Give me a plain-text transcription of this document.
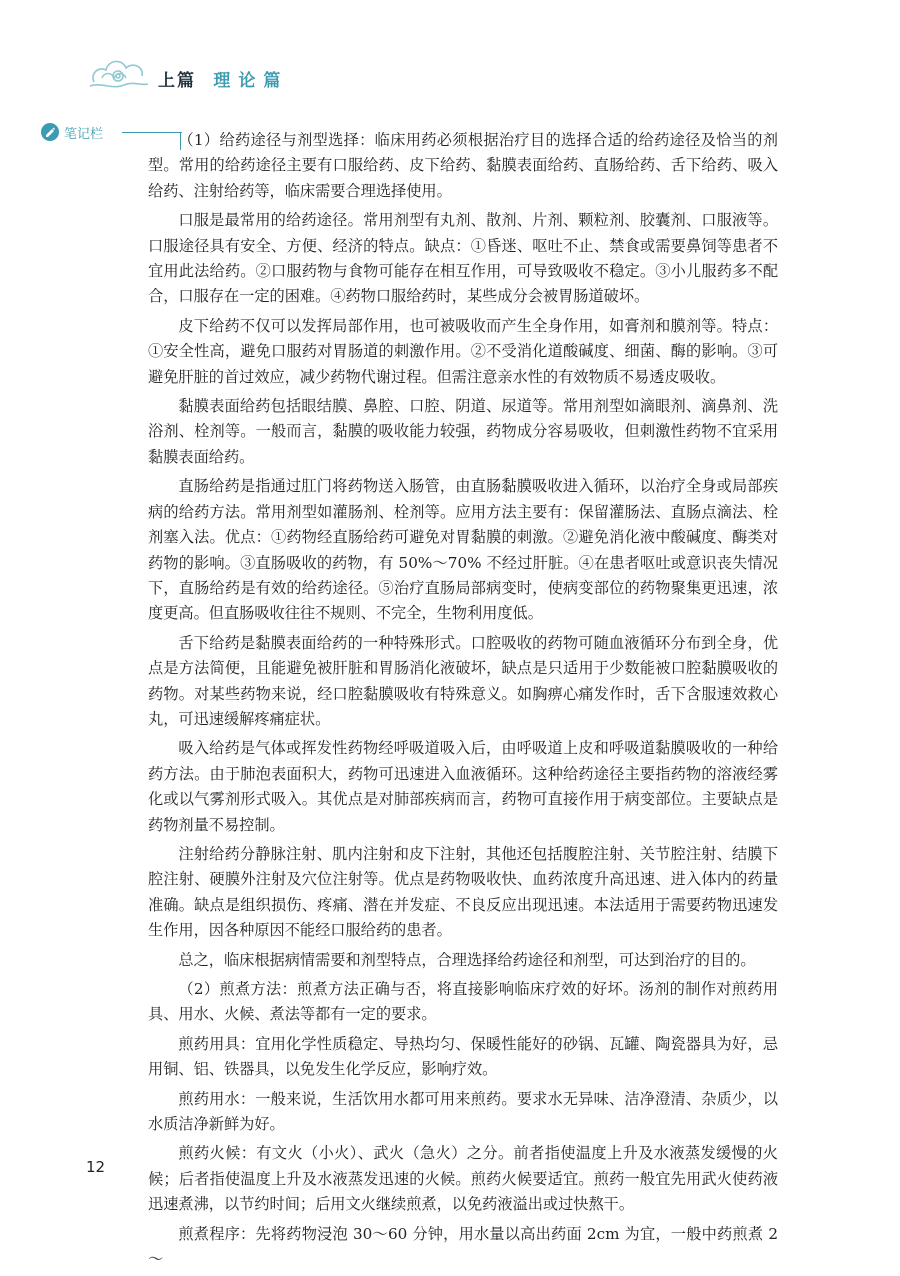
上篇 理论篇
笔记栏	（1）给药途径与剂型选择：临床用药必须根据治疗目的选择合适的给药途径及恰当的剂型。常用的给药途径主要有口服给药、皮下给药、黏膜表面给药、直肠给药、舌下给药、吸入给药、注射给药等，临床需要合理选择使用。

口服是最常用的给药途径。常用剂型有丸剂、散剂、片剂、颗粒剂、胶囊剂、口服液等。口服途径具有安全、方便、经济的特点。缺点：①昏迷、呕吐不止、禁食或需要鼻饲等患者不宜用此法给药。②口服药物与食物可能存在相互作用，可导致吸收不稳定。③小儿服药多不配合，口服存在一定的困难。④药物口服给药时，某些成分会被胃肠道破坏。

皮下给药不仅可以发挥局部作用，也可被吸收而产生全身作用，如膏剂和膜剂等。特点：①安全性高，避免口服药对胃肠道的刺激作用。②不受消化道酸碱度、细菌、酶的影响。③可避免肝脏的首过效应，减少药物代谢过程。但需注意亲水性的有效物质不易透皮吸收。

黏膜表面给药包括眼结膜、鼻腔、口腔、阴道、尿道等。常用剂型如滴眼剂、滴鼻剂、洗浴剂、栓剂等。一般而言，黏膜的吸收能力较强，药物成分容易吸收，但刺激性药物不宜采用黏膜表面给药。

直肠给药是指通过肛门将药物送入肠管，由直肠黏膜吸收进入循环，以治疗全身或局部疾病的给药方法。常用剂型如灌肠剂、栓剂等。应用方法主要有：保留灌肠法、直肠点滴法、栓剂塞入法。优点：①药物经直肠给药可避免对胃黏膜的刺激。②避免消化液中酸碱度、酶类对药物的影响。③直肠吸收的药物，有 50%～70% 不经过肝脏。④在患者呕吐或意识丧失情况下，直肠给药是有效的给药途径。⑤治疗直肠局部病变时，使病变部位的药物聚集更迅速，浓度更高。但直肠吸收往往不规则、不完全，生物利用度低。

舌下给药是黏膜表面给药的一种特殊形式。口腔吸收的药物可随血液循环分布到全身，优点是方法简便，且能避免被肝脏和胃肠消化液破坏，缺点是只适用于少数能被口腔黏膜吸收的药物。对某些药物来说，经口腔黏膜吸收有特殊意义。如胸痹心痛发作时，舌下含服速效救心丸，可迅速缓解疼痛症状。

吸入给药是气体或挥发性药物经呼吸道吸入后，由呼吸道上皮和呼吸道黏膜吸收的一种给药方法。由于肺泡表面积大，药物可迅速进入血液循环。这种给药途径主要指药物的溶液经雾化或以气雾剂形式吸入。其优点是对肺部疾病而言，药物可直接作用于病变部位。主要缺点是药物剂量不易控制。

注射给药分静脉注射、肌内注射和皮下注射，其他还包括腹腔注射、关节腔注射、结膜下腔注射、硬膜外注射及穴位注射等。优点是药物吸收快、血药浓度升高迅速、进入体内的药量准确。缺点是组织损伤、疼痛、潜在并发症、不良反应出现迅速。本法适用于需要药物迅速发生作用，因各种原因不能经口服给药的患者。

总之，临床根据病情需要和剂型特点，合理选择给药途径和剂型，可达到治疗的目的。

（2）煎煮方法：煎煮方法正确与否，将直接影响临床疗效的好坏。汤剂的制作对煎药用具、用水、火候、煮法等都有一定的要求。

煎药用具：宜用化学性质稳定、导热均匀、保暖性能好的砂锅、瓦罐、陶瓷器具为好，忌用铜、铝、铁器具，以免发生化学反应，影响疗效。

煎药用水：一般来说，生活饮用水都可用来煎药。要求水无异味、洁净澄清、杂质少，以水质洁净新鲜为好。

煎药火候：有文火（小火）、武火（急火）之分。前者指使温度上升及水液蒸发缓慢的火候；后者指使温度上升及水液蒸发迅速的火候。煎药火候要适宜。煎药一般宜先用武火使药液迅速煮沸，以节约时间；后用文火继续煎煮，以免药液溢出或过快熬干。

煎煮程序：先将药物浸泡 30～60 分钟，用水量以高出药面 2cm 为宜，一般中药煎煮 2～

12
